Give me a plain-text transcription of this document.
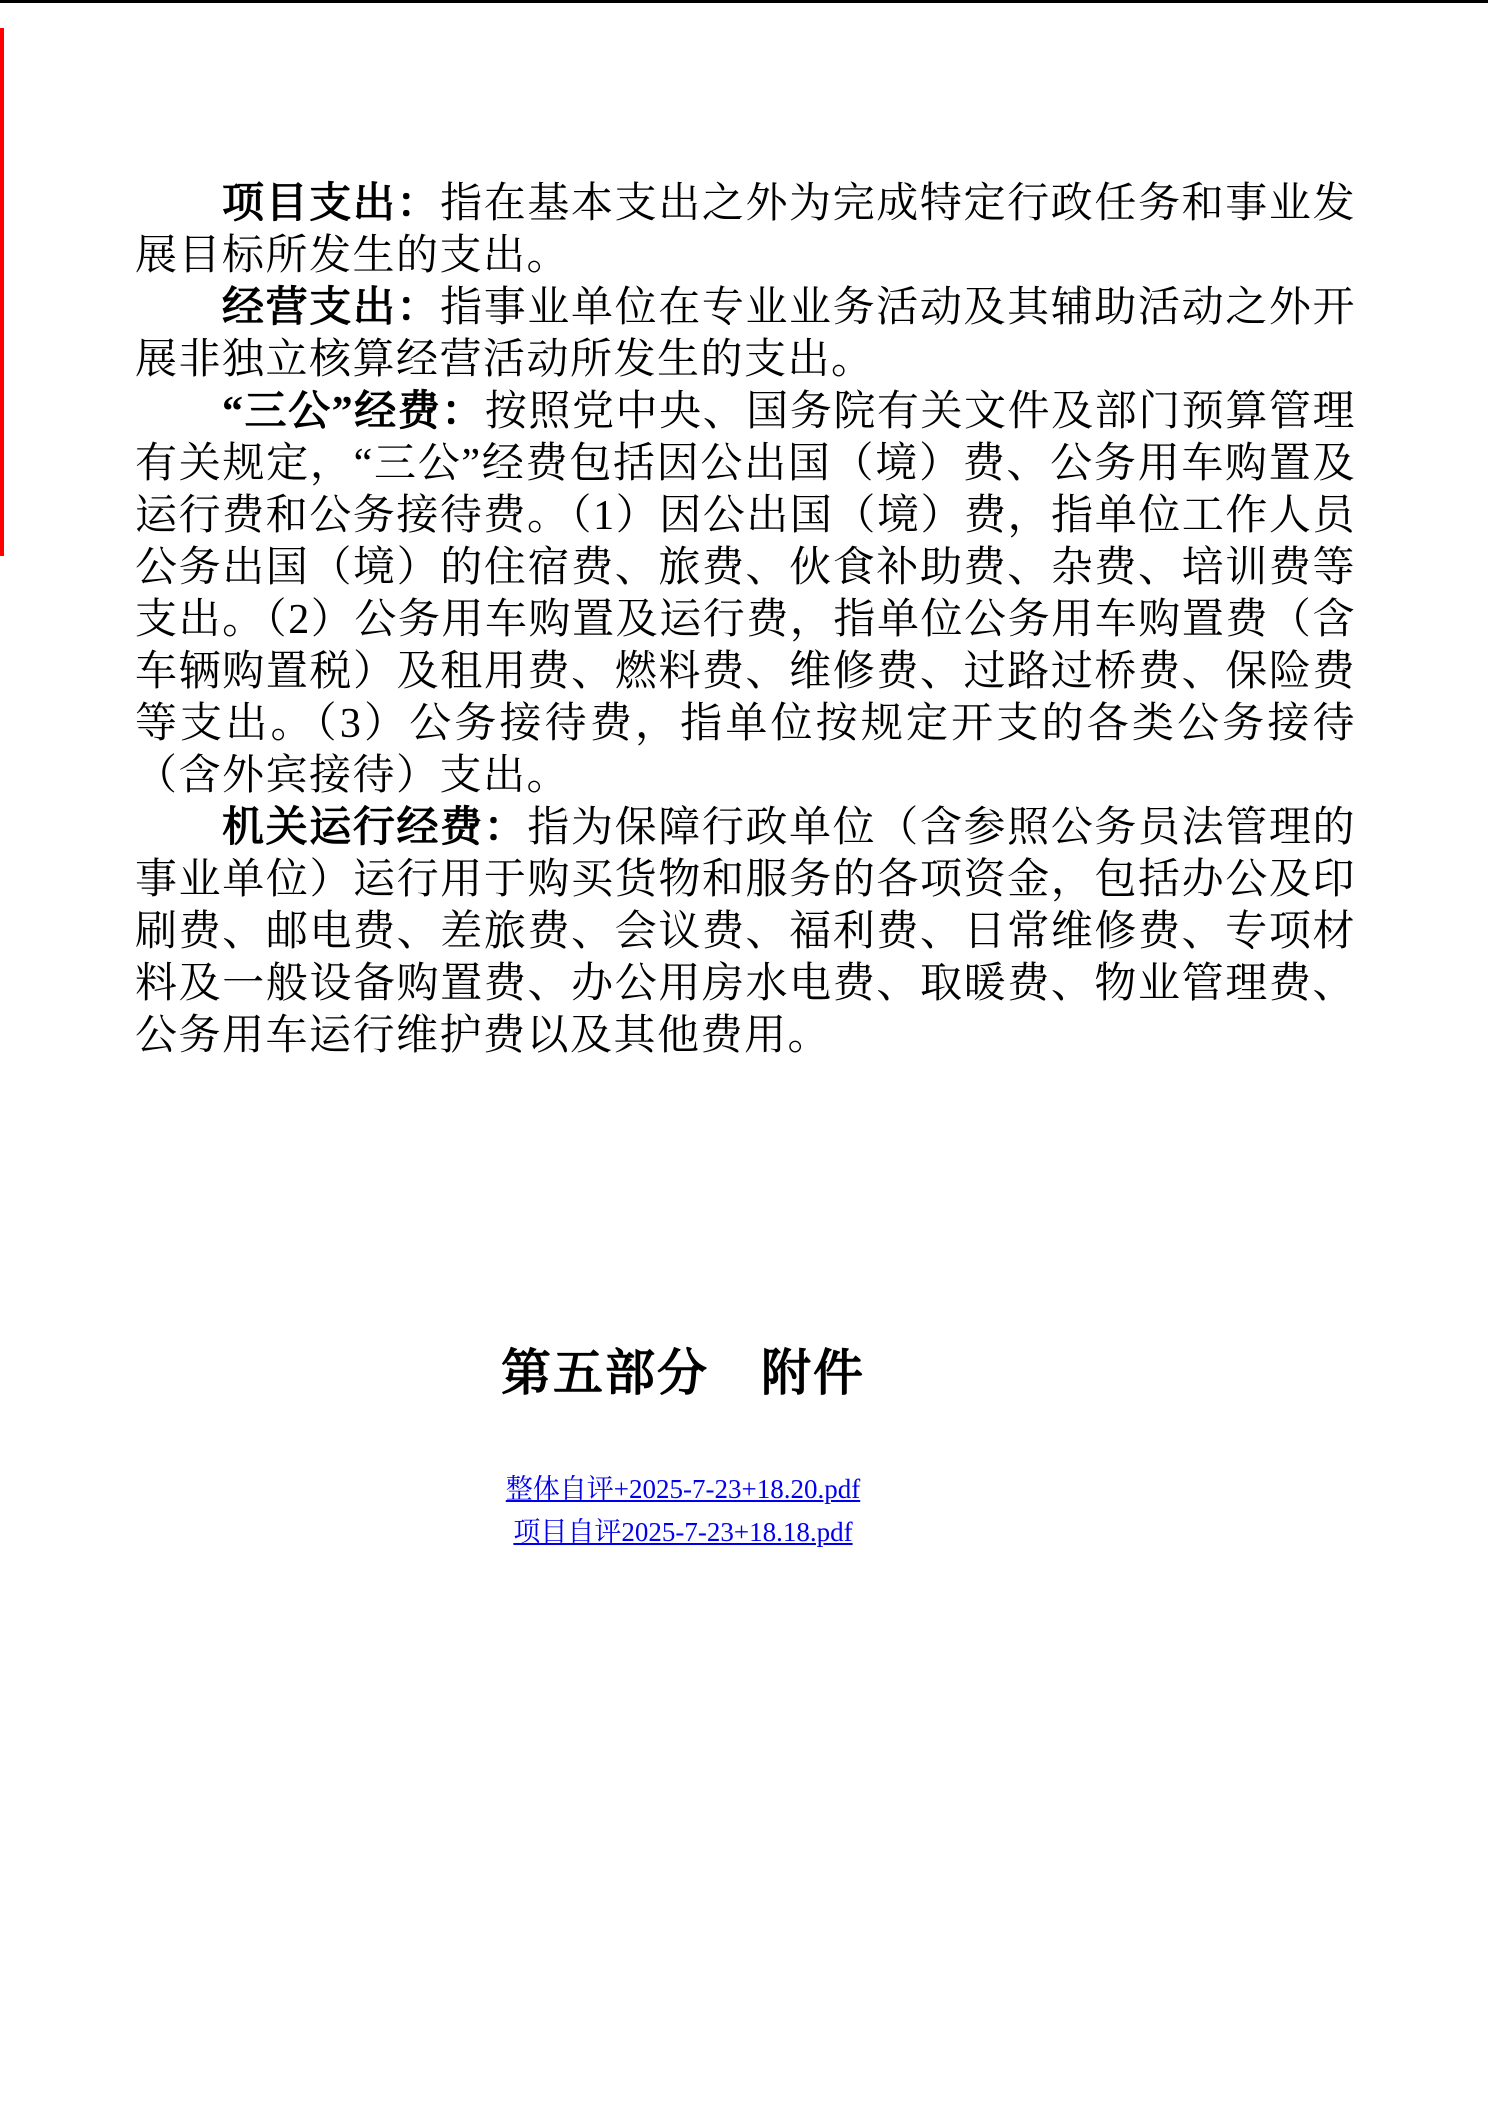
项目支出：指在基本支出之外为完成特定行政任务和事业发展目标所发生的支出。

经营支出：指事业单位在专业业务活动及其辅助活动之外开展非独立核算经营活动所发生的支出。

“三公”经费：按照党中央、国务院有关文件及部门预算管理有关规定，“三公”经费包括因公出国（境）费、公务用车购置及运行费和公务接待费。（1）因公出国（境）费，指单位工作人员公务出国（境）的住宿费、旅费、伙食补助费、杂费、培训费等支出。（2）公务用车购置及运行费，指单位公务用车购置费（含车辆购置税）及租用费、燃料费、维修费、过路过桥费、保险费等支出。（3）公务接待费，指单位按规定开支的各类公务接待（含外宾接待）支出。

机关运行经费：指为保障行政单位（含参照公务员法管理的事业单位）运行用于购买货物和服务的各项资金，包括办公及印刷费、邮电费、差旅费、会议费、福利费、日常维修费、专项材料及一般设备购置费、办公用房水电费、取暖费、物业管理费、公务用车运行维护费以及其他费用。

第五部分　附件
整体自评+2025-7-23+18.20.pdf
项目自评2025-7-23+18.18.pdf
